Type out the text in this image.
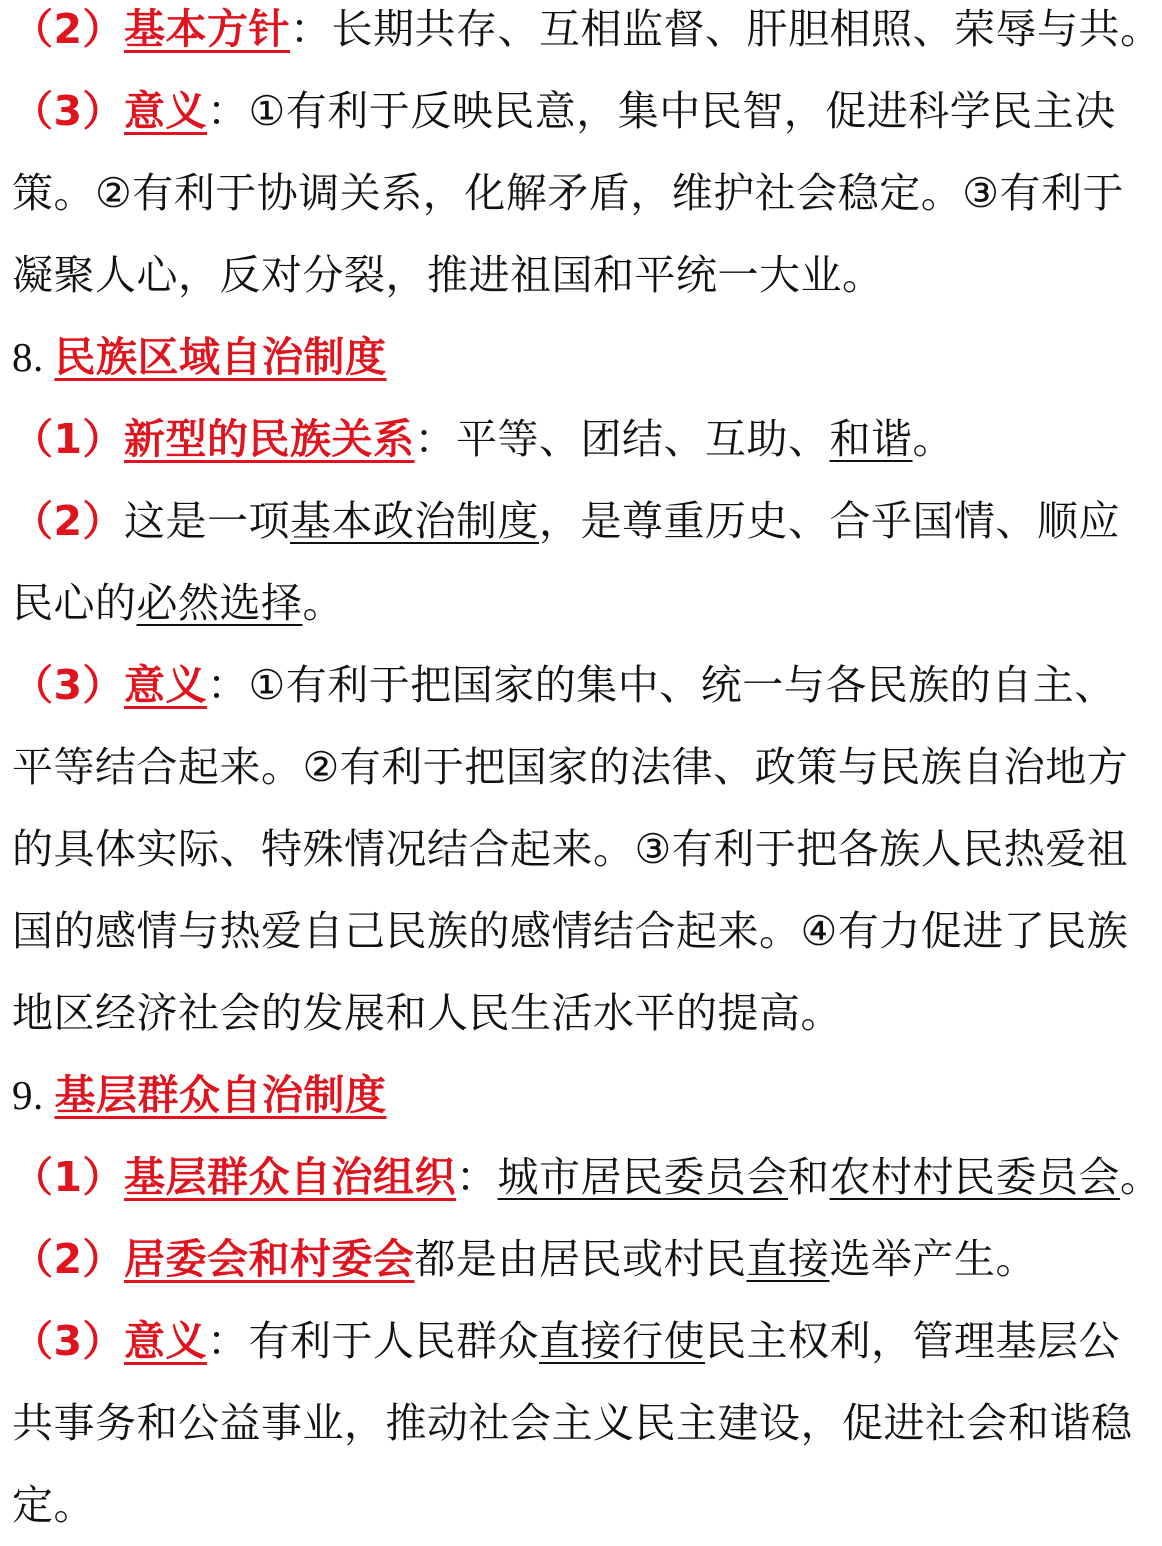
（2）基本方针：长期共存、互相监督、肝胆相照、荣辱与共。
（3）意义：①有利于反映民意，集中民智，促进科学民主决
策。②有利于协调关系，化解矛盾，维护社会稳定。③有利于
凝聚人心，反对分裂，推进祖国和平统一大业。
8. 民族区域自治制度
（1）新型的民族关系：平等、团结、互助、和谐。
（2）这是一项基本政治制度，是尊重历史、合乎国情、顺应
民心的必然选择。
（3）意义：①有利于把国家的集中、统一与各民族的自主、
平等结合起来。②有利于把国家的法律、政策与民族自治地方
的具体实际、特殊情况结合起来。③有利于把各族人民热爱祖
国的感情与热爱自己民族的感情结合起来。④有力促进了民族
地区经济社会的发展和人民生活水平的提高。
9. 基层群众自治制度
（1）基层群众自治组织：城市居民委员会和农村村民委员会。
（2）居委会和村委会都是由居民或村民直接选举产生。
（3）意义：有利于人民群众直接行使民主权利，管理基层公
共事务和公益事业，推动社会主义民主建设，促进社会和谐稳
定。
